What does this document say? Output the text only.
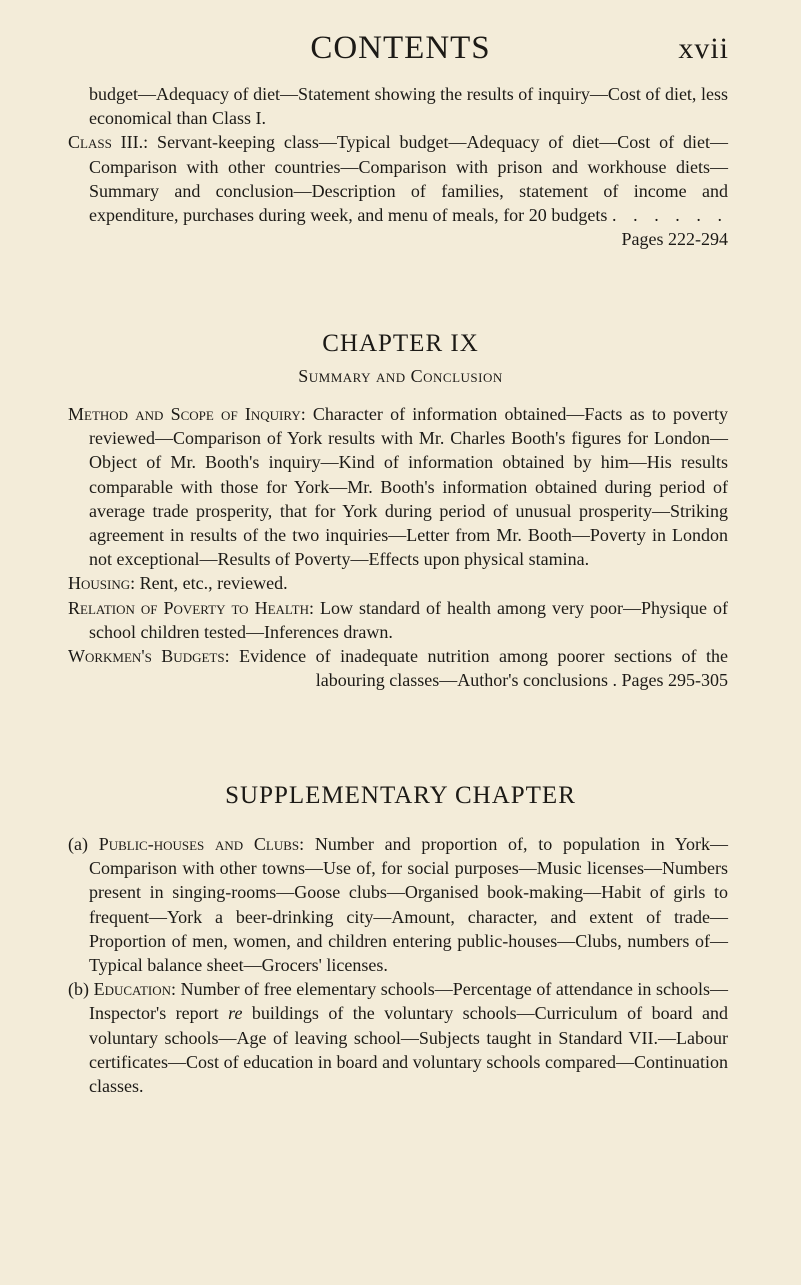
CONTENTS	xvii

budget—Adequacy of diet—Statement showing the results of inquiry—Cost of diet, less economical than Class I.

Class III.: Servant-keeping class—Typical budget—Adequacy of diet—Cost of diet—Comparison with other countries—Comparison with prison and workhouse diets—Summary and conclusion—Description of families, statement of income and expenditure, purchases during week, and menu of meals, for 20 budgets . . . . . . Pages 222-294

CHAPTER IX
Summary and Conclusion

Method and Scope of Inquiry: Character of information obtained—Facts as to poverty reviewed—Comparison of York results with Mr. Charles Booth's figures for London—Object of Mr. Booth's inquiry—Kind of information obtained by him—His results comparable with those for York—Mr. Booth's information obtained during period of average trade prosperity, that for York during period of unusual prosperity—Striking agreement in results of the two inquiries—Letter from Mr. Booth—Poverty in London not exceptional—Results of Poverty—Effects upon physical stamina.

Housing: Rent, etc., reviewed.

Relation of Poverty to Health: Low standard of health among very poor—Physique of school children tested—Inferences drawn.

Workmen's Budgets: Evidence of inadequate nutrition among poorer sections of the labouring classes—Author's conclusions . Pages 295-305

SUPPLEMENTARY CHAPTER

(a) Public-houses and Clubs: Number and proportion of, to population in York—Comparison with other towns—Use of, for social purposes—Music licenses—Numbers present in singing-rooms—Goose clubs—Organised book-making—Habit of girls to frequent—York a beer-drinking city—Amount, character, and extent of trade—Proportion of men, women, and children entering public-houses—Clubs, numbers of—Typical balance sheet—Grocers' licenses.

(b) Education: Number of free elementary schools—Percentage of attendance in schools—Inspector's report re buildings of the voluntary schools—Curriculum of board and voluntary schools—Age of leaving school—Subjects taught in Standard VII.—Labour certificates—Cost of education in board and voluntary schools compared—Continuation classes.
